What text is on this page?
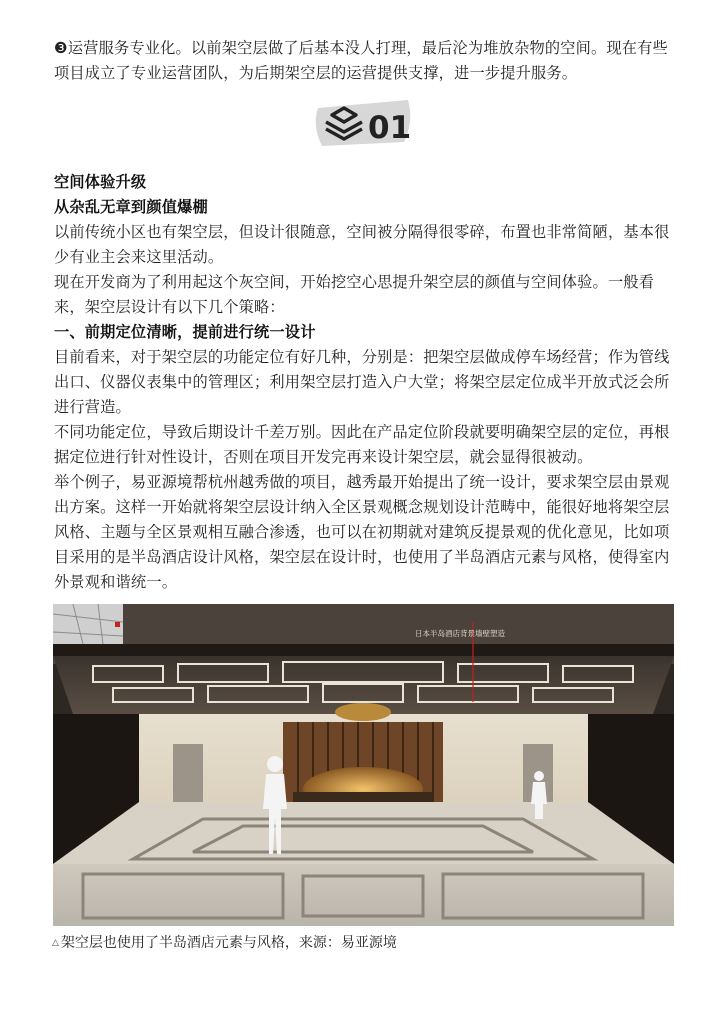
❸运营服务专业化。以前架空层做了后基本没人打理，最后沦为堆放杂物的空间。现在有些项目成立了专业运营团队，为后期架空层的运营提供支撑，进一步提升服务。

01

空间体验升级

从杂乱无章到颜值爆棚

以前传统小区也有架空层，但设计很随意，空间被分隔得很零碎，布置也非常简陋，基本很少有业主会来这里活动。

现在开发商为了利用起这个灰空间，开始挖空心思提升架空层的颜值与空间体验。一般看来，架空层设计有以下几个策略：

一、前期定位清晰，提前进行统一设计

目前看来，对于架空层的功能定位有好几种，分别是：把架空层做成停车场经营；作为管线出口、仪器仪表集中的管理区；利用架空层打造入户大堂；将架空层定位成半开放式泛会所进行营造。

不同功能定位，导致后期设计千差万别。因此在产品定位阶段就要明确架空层的定位，再根据定位进行针对性设计，否则在项目开发完再来设计架空层，就会显得很被动。

举个例子，易亚源境帮杭州越秀做的项目，越秀最开始提出了统一设计，要求架空层由景观出方案。这样一开始就将架空层设计纳入全区景观概念规划设计范畴中，能很好地将架空层风格、主题与全区景观相互融合渗透，也可以在初期就对建筑反提景观的优化意见，比如项目采用的是半岛酒店设计风格，架空层在设计时，也使用了半岛酒店元素与风格，使得室内外景观和谐统一。

日本半岛酒店背景墙壁塑造
△ 架空层也使用了半岛酒店元素与风格，来源：易亚源境
